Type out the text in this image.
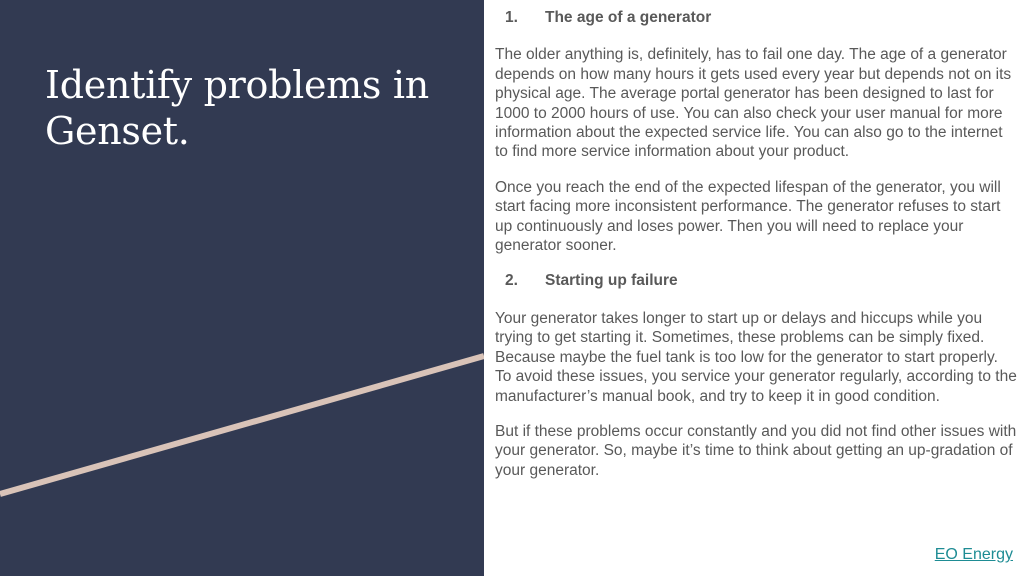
Identify problems in Genset.
1.	The age of a generator

The older anything is, definitely, has to fail one day. The age of a generator depends on how many hours it gets used every year but depends not on its physical age. The average portal generator has been designed to last for 1000 to 2000 hours of use. You can also check your user manual for more information about the expected service life. You can also go to the internet to find more service information about your product.

Once you reach the end of the expected lifespan of the generator, you will start facing more inconsistent performance. The generator refuses to start up continuously and loses power. Then you will need to replace your generator sooner.

2.	Starting up failure

Your generator takes longer to start up or delays and hiccups while you trying to get starting it. Sometimes, these problems can be simply fixed. Because maybe the fuel tank is too low for the generator to start properly. To avoid these issues, you service your generator regularly, according to the manufacturer’s manual book, and try to keep it in good condition.

But if these problems occur constantly and you did not find other issues with your generator. So, maybe it’s time to think about getting an up-gradation of your generator.

EO Energy
